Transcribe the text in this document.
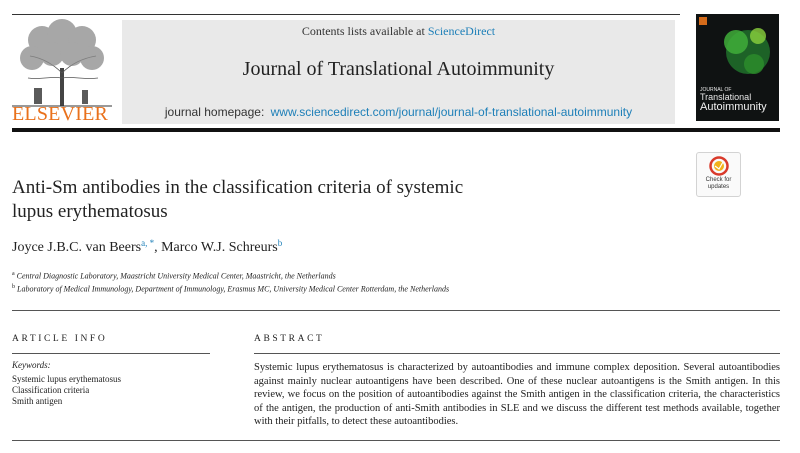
Contents lists available at ScienceDirect
Journal of Translational Autoimmunity
journal homepage: www.sciencedirect.com/journal/journal-of-translational-autoimmunity
ELSEVIER
JOURNAL OF
Translational
Autoimmunity
Check for
updates
Anti-Sm antibodies in the classification criteria of systemic
lupus erythematosus
Joyce J.B.C. van Beers$^{a, *}$, Marco W.J. Schreurs$^b$
$^a$ Central Diagnostic Laboratory, Maastricht University Medical Center, Maastricht, the Netherlands
$^b$ Laboratory of Medical Immunology, Department of Immunology, Erasmus MC, University Medical Center Rotterdam, the Netherlands
ARTICLE INFO
Keywords:
Systemic lupus erythematosus
Classification criteria
Smith antigen
ABSTRACT
Systemic lupus erythematosus is characterized by autoantibodies and immune complex deposition. Several autoantibodies against mainly nuclear autoantigens have been described. One of these nuclear autoantigens is the Smith antigen. In this review, we focus on the position of autoantibodies against the Smith antigen in the classification criteria, the characteristics of the antigen, the production of anti-Smith antibodies in SLE and we discuss the different test methods available, together with their pitfalls, to detect these autoantibodies.
